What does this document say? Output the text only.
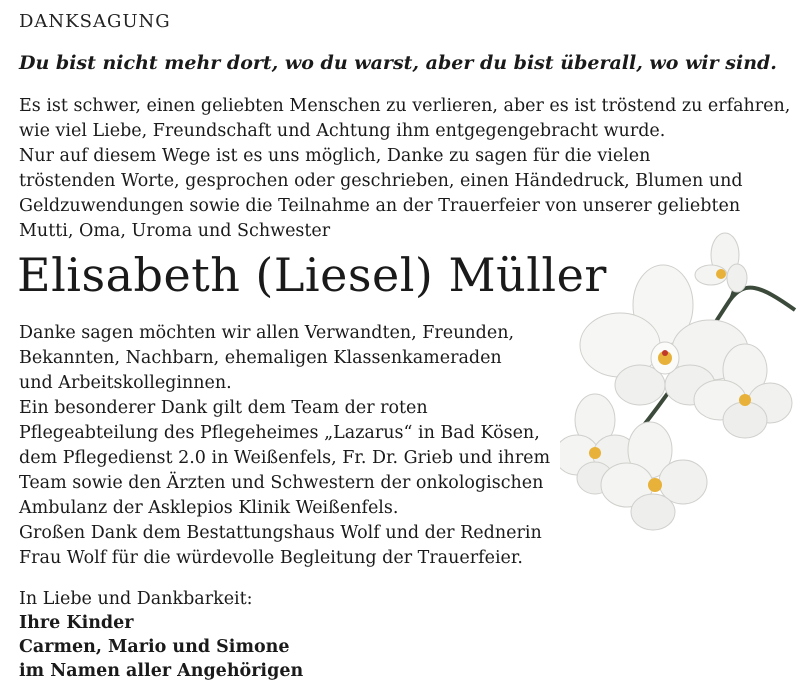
DANKSAGUNG
Du bist nicht mehr dort, wo du warst, aber du bist überall, wo wir sind.
Es ist schwer, einen geliebten Menschen zu verlieren, aber es ist tröstend zu erfahren,
wie viel Liebe, Freundschaft und Achtung ihm entgegengebracht wurde.
Nur auf diesem Wege ist es uns möglich, Danke zu sagen für die vielen
tröstenden Worte, gesprochen oder geschrieben, einen Händedruck, Blumen und
Geldzuwendungen sowie die Teilnahme an der Trauerfeier von unserer geliebten
Mutti, Oma, Uroma und Schwester
Elisabeth (Liesel) Müller
Danke sagen möchten wir allen Verwandten, Freunden,
Bekannten, Nachbarn, ehemaligen Klassenkameraden
und Arbeitskolleginnen.
Ein besonderer Dank gilt dem Team der roten
Pflegeabteilung des Pflegeheimes „Lazarus“ in Bad Kösen,
dem Pflegedienst 2.0 in Weißenfels, Fr. Dr. Grieb und ihrem
Team sowie den Ärzten und Schwestern der onkologischen
Ambulanz der Asklepios Klinik Weißenfels.
Großen Dank dem Bestattungshaus Wolf und der Rednerin
Frau Wolf für die würdevolle Begleitung der Trauerfeier.
In Liebe und Dankbarkeit:
Ihre Kinder
Carmen, Mario und Simone
im Namen aller Angehörigen
